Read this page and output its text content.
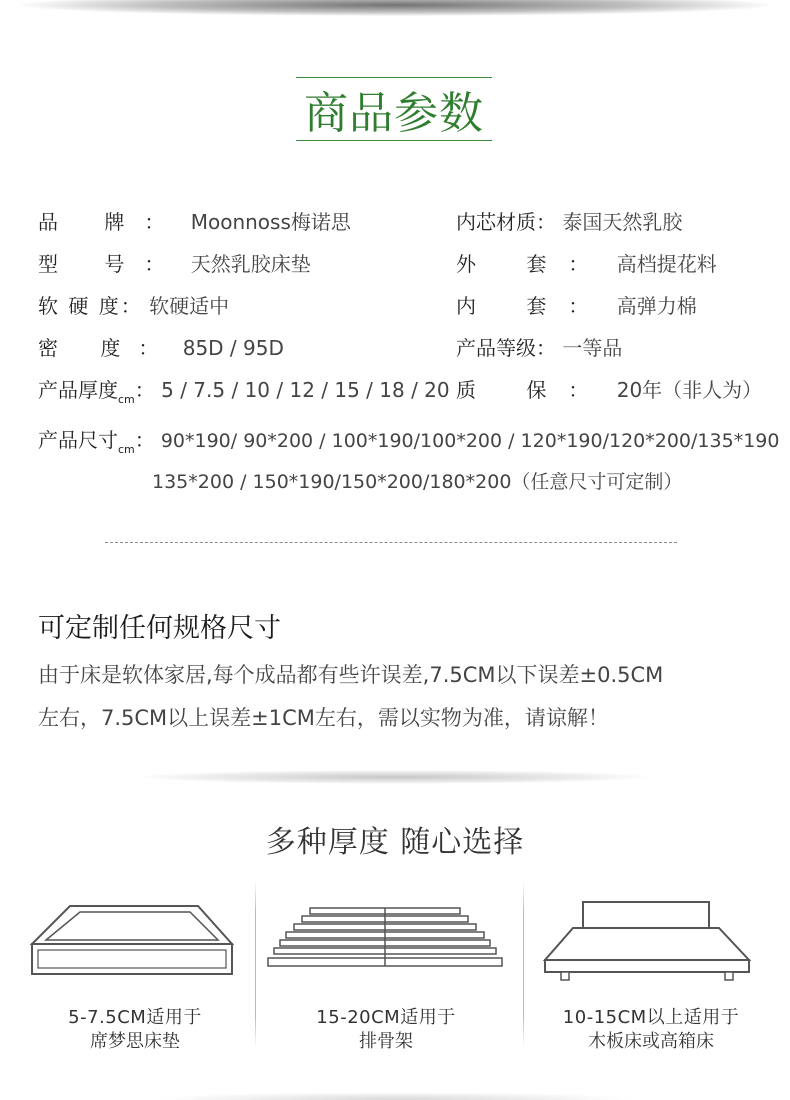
商品参数
品 牌： Moonnoss梅诺思
型 号： 天然乳胶床垫
软 硬 度： 软硬适中
密 度： 85D / 95D
产品厚度$_{cm}$： 5 / 7.5 / 10 / 12 / 15 / 18 / 20
内芯材质： 泰国天然乳胶
外 套： 高档提花料
内 套： 高弹力棉
产品等级： 一等品
质 保： 20年（非人为）
产品尺寸$_{cm}$： 90*190/ 90*200 / 100*190/100*200 / 120*190/120*200/135*190
135*200 / 150*190/150*200/180*200（任意尺寸可定制）
可定制任何规格尺寸
由于床是软体家居,每个成品都有些许误差,7.5CM以下误差±0.5CM
左右，7.5CM以上误差±1CM左右，需以实物为准，请谅解！
多种厚度 随心选择
5-7.5CM适用于
席梦思床垫
15-20CM适用于
排骨架
10-15CM以上适用于
木板床或高箱床
